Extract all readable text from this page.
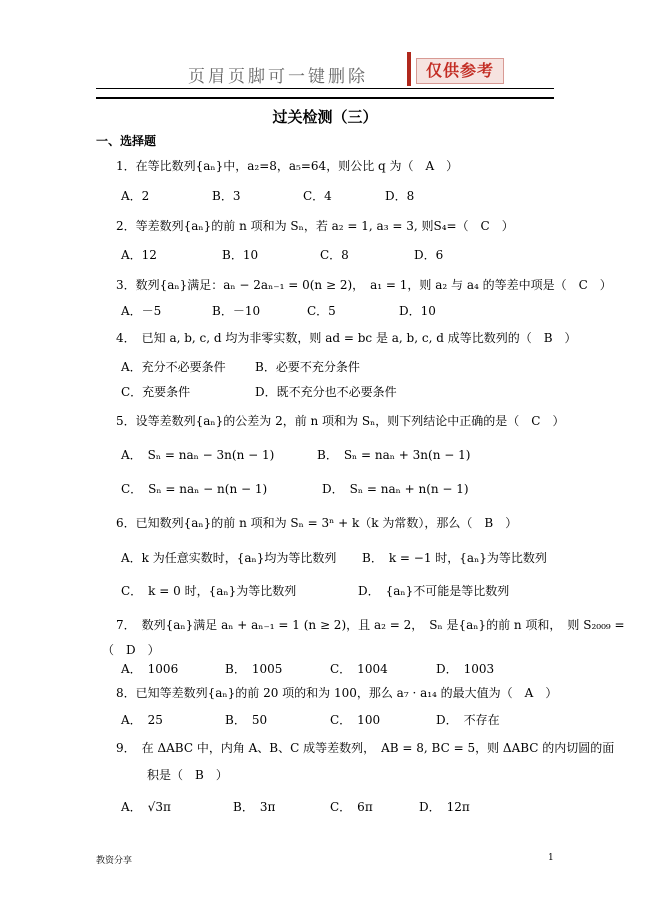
页眉页脚可一键删除	仅供参考
过关检测（三）
一、选择题
1．在等比数列{aₙ}中，a₂=8，a₅=64，则公比 q 为（　A　）
A．2	B．3	C．4	D．8
2．等差数列{aₙ}的前 n 项和为 Sₙ，若 a₂ = 1, a₃ = 3, 则S₄=（　C　）
A．12	B．10	C．8	D．6
3．数列{aₙ}满足：aₙ − 2aₙ₋₁ = 0(n ≥ 2)，　a₁ = 1，则 a₂ 与 a₄ 的等差中项是（　C　）
A．－5	B．－10	C．5	D．10
4．　已知 a, b, c, d 均为非零实数，则 ad = bc 是 a, b, c, d 成等比数列的（　B　）
A．充分不必要条件 B．必要不充分条件
C．充要条件	D．既不充分也不必要条件
5．设等差数列{aₙ}的公差为 2，前 n 项和为 Sₙ，则下列结论中正确的是（　C　）
A．　Sₙ = naₙ − 3n(n − 1)	B．　Sₙ = naₙ + 3n(n − 1)
C．　Sₙ = naₙ − n(n − 1)	D．　Sₙ = naₙ + n(n − 1)
6．已知数列{aₙ}的前 n 项和为 Sₙ = 3ⁿ + k（k 为常数），那么（　B　）
A．k 为任意实数时，{aₙ}均为等比数列 B．　k = −1 时，{aₙ}为等比数列
C．　k = 0 时，{aₙ}为等比数列	D．　{aₙ}不可能是等比数列
7．　数列{aₙ}满足 aₙ + aₙ₋₁ = 1 (n ≥ 2)，且 a₂ = 2，　Sₙ 是{aₙ}的前 n 项和，　则 S₂₀₀₉ =
（　D　）
A．　1006	B．　1005	C．　1004	D．　1003
8．已知等差数列{aₙ}的前 20 项的和为 100，那么 a₇ · a₁₄ 的最大值为（　A　）
A．　25	B．　50	C．　100	D．　不存在
9．　在 ΔABC 中，内角 A、B、C 成等差数列，　AB = 8, BC = 5，则 ΔABC 的内切圆的面
积是（　B　）
A．　√3π	B．　3π	C．　6π	D．　12π
教资分享	1
